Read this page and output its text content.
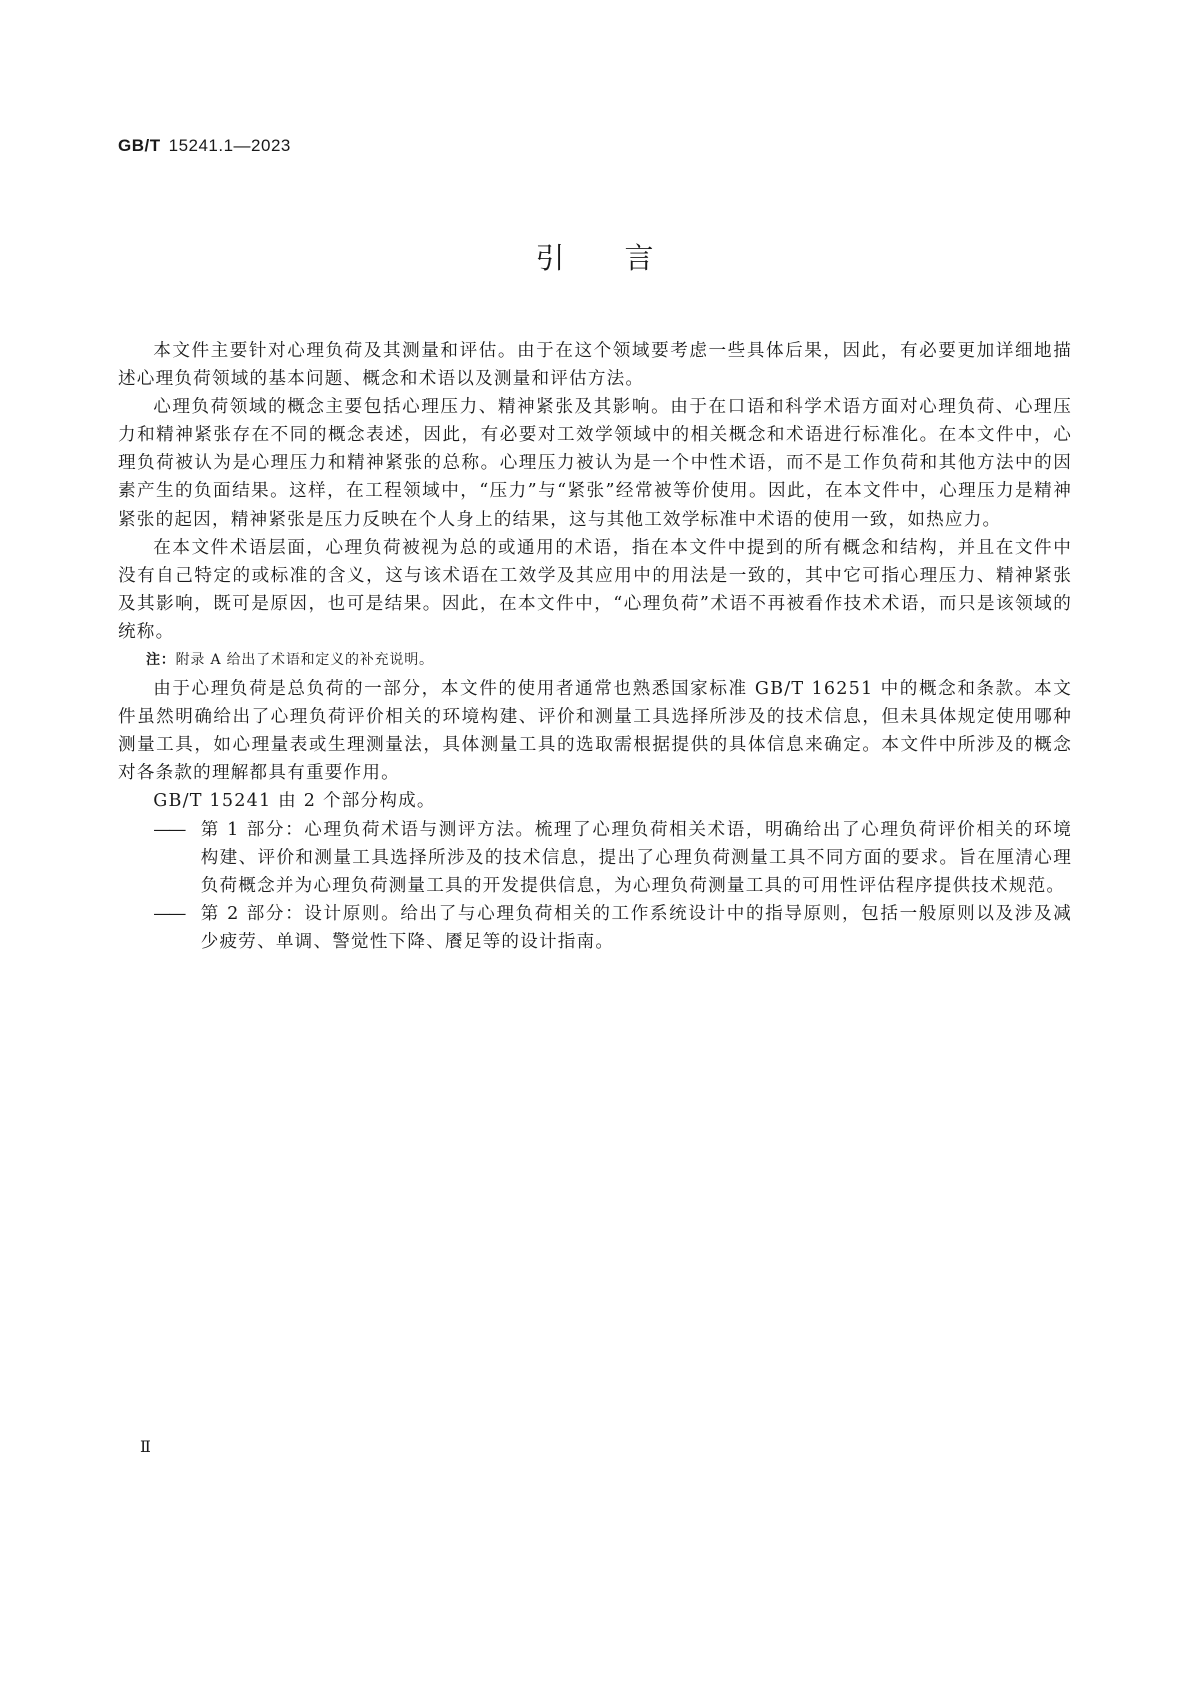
GB/T 15241.1—2023
引 言

本文件主要针对心理负荷及其测量和评估。由于在这个领域要考虑一些具体后果，因此，有必要更加详细地描述心理负荷领域的基本问题、概念和术语以及测量和评估方法。

心理负荷领域的概念主要包括心理压力、精神紧张及其影响。由于在口语和科学术语方面对心理负荷、心理压力和精神紧张存在不同的概念表述，因此，有必要对工效学领域中的相关概念和术语进行标准化。在本文件中，心理负荷被认为是心理压力和精神紧张的总称。心理压力被认为是一个中性术语，而不是工作负荷和其他方法中的因素产生的负面结果。这样，在工程领域中，“压力”与“紧张”经常被等价使用。因此，在本文件中，心理压力是精神紧张的起因，精神紧张是压力反映在个人身上的结果，这与其他工效学标准中术语的使用一致，如热应力。

在本文件术语层面，心理负荷被视为总的或通用的术语，指在本文件中提到的所有概念和结构，并且在文件中没有自己特定的或标准的含义，这与该术语在工效学及其应用中的用法是一致的，其中它可指心理压力、精神紧张及其影响，既可是原因，也可是结果。因此，在本文件中，“心理负荷”术语不再被看作技术术语，而只是该领域的统称。

注：附录 A 给出了术语和定义的补充说明。

由于心理负荷是总负荷的一部分，本文件的使用者通常也熟悉国家标准 GB/T 16251 中的概念和条款。本文件虽然明确给出了心理负荷评价相关的环境构建、评价和测量工具选择所涉及的技术信息，但未具体规定使用哪种测量工具，如心理量表或生理测量法，具体测量工具的选取需根据提供的具体信息来确定。本文件中所涉及的概念对各条款的理解都具有重要作用。

GB/T 15241 由 2 个部分构成。

—— 第 1 部分：心理负荷术语与测评方法。梳理了心理负荷相关术语，明确给出了心理负荷评价相关的环境构建、评价和测量工具选择所涉及的技术信息，提出了心理负荷测量工具不同方面的要求。旨在厘清心理负荷概念并为心理负荷测量工具的开发提供信息，为心理负荷测量工具的可用性评估程序提供技术规范。
—— 第 2 部分：设计原则。给出了与心理负荷相关的工作系统设计中的指导原则，包括一般原则以及涉及减少疲劳、单调、警觉性下降、餍足等的设计指南。
Ⅱ
